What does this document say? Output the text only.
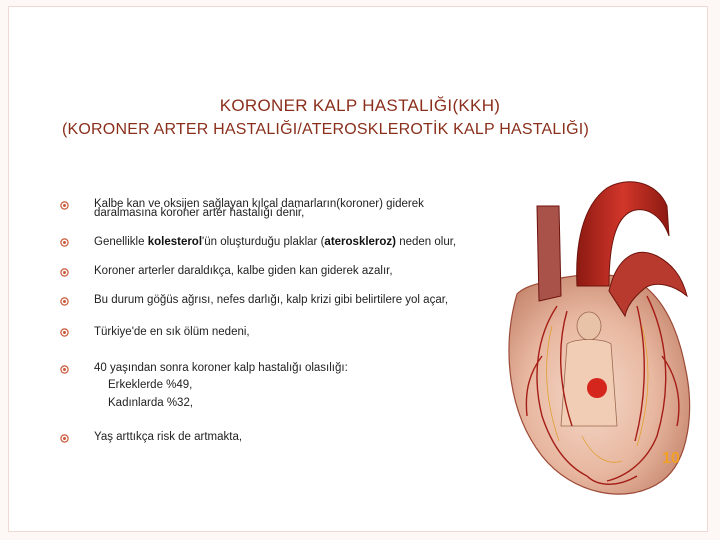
KORONER KALP HASTALIĞI(KKH)
(KORONER ARTER HASTALIĞI/ATEROSKLEROTİK KALP HASTALIĞI)
Kalbe kan ve oksijen sağlayan kılcal damarların(koroner) giderek
daralmasına koroner arter hastalığı denir,
Genellikle kolesterol'ün oluşturduğu plaklar (ateroskleroz) neden olur,
Koroner arterler daraldıkça, kalbe giden kan giderek azalır,
Bu durum göğüs ağrısı, nefes darlığı, kalp krizi gibi belirtilere yol açar,
Türkiye'de en sık ölüm nedeni,
40 yaşından sonra koroner kalp hastalığı olasılığı:
Erkeklerde %49,
Kadınlarda %32,
Yaş arttıkça risk de artmakta,
10
